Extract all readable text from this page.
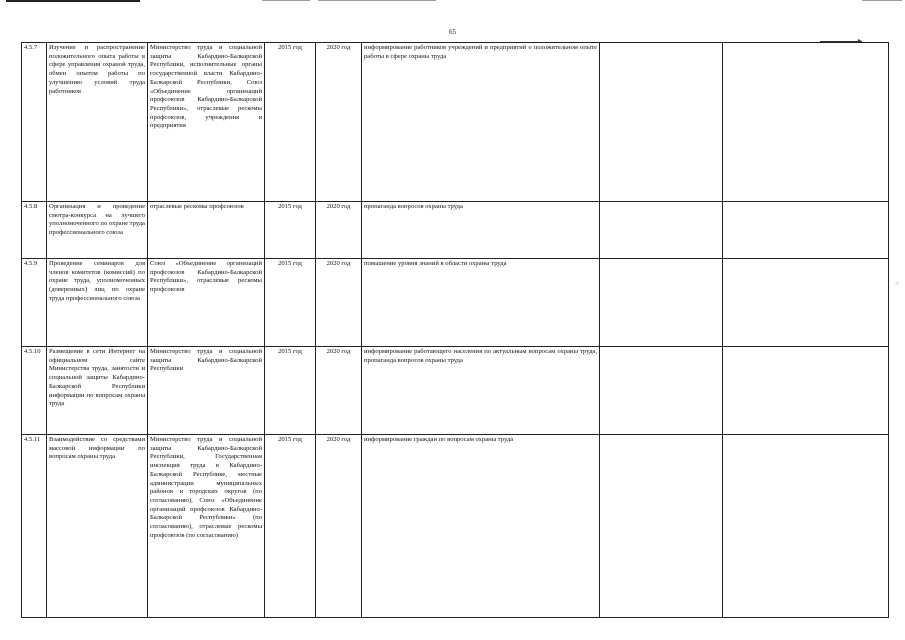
65
4.5.7	Изучение и распространение положительного опыта работы в сфере управления охраной труда, обмен опытом работы по улучшению условий труда работников	Министерство труда и социальной защиты Кабардино-Балкарской Республики, исполнительные органы государственной власти Кабардино-Балкарской Республики, Союз «Объединение организаций профсоюзов Кабардино-Балкарской Республики», отраслевые рескомы профсоюзов, учреждения и предприятия	2015 год	2020 год	информирование работников учреждений и предприятий о положительном опыте работы в сфере охраны труда		
4.5.8	Организация и проведение смотра-конкурса на лучшего уполномоченного по охране труда профессионального союза	отраслевые рескомы профсоюзов	2015 год	2020 год	пропаганда вопросов охраны труда		
4.5.9	Проведение семинаров для членов комитетов (комиссий) по охране труда, уполномоченных (доверенных) лиц по охране труда профессионального союза	Союз «Объединение организаций профсоюзов Кабардино-Балкарской Республики», отраслевые рескомы профсоюзов	2015 год	2020 год	повышение уровня знаний в области охраны труда		
4.5.10	Размещение в сети Интернет на официальном сайте Министерства труда, занятости и социальной защиты Кабардино-Балкарской Республики информации по вопросам охраны труда	Министерство труда и социальной защиты Кабардино-Балкарской Республики	2015 год	2020 год	информирование работающего населения по актуальным вопросам охраны труда, пропаганда вопросов охраны труда		
4.5.11	Взаимодействие со средствами массовой информации по вопросам охраны труда	Министерство труда и социальной защиты Кабардино-Балкарской Республики, Государственная инспекция труда в Кабардино-Балкарской Республике, местные администрации муниципальных районов и городских округов (по согласованию), Союз «Объединение организаций профсоюзов Кабардино-Балкарской Республики» (по согласованию), отраслевые рескомы профсоюзов (по согласованию)	2015 год	2020 год	информирование граждан по вопросам охраны труда		
▸
·:
